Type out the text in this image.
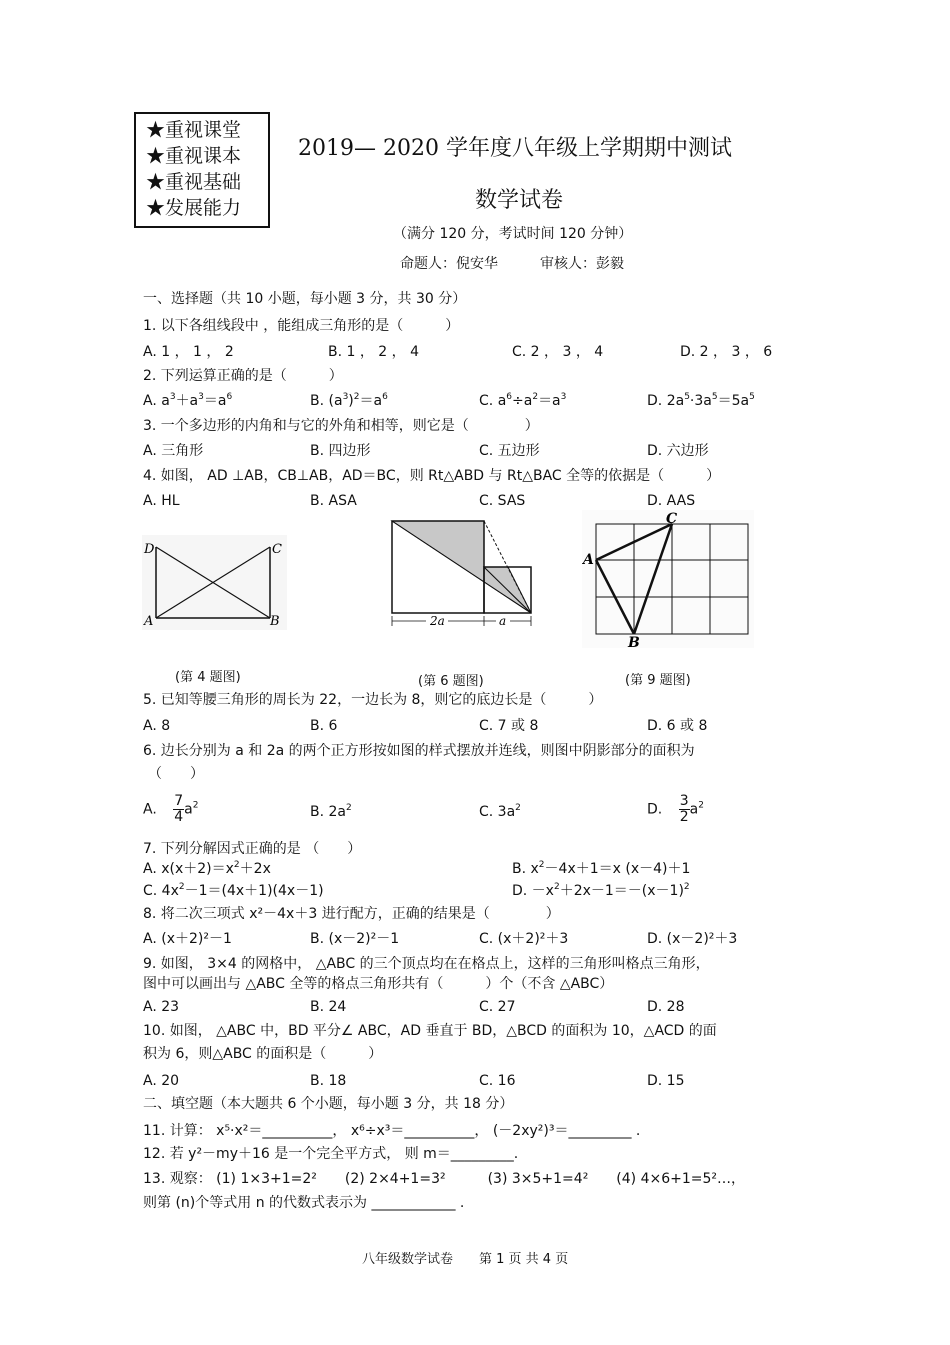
★重视课堂
★重视课本
★重视基础
★发展能力
2019— 2020 学年度八年级上学期期中测试
数学试卷
（满分 120 分，考试时间 120 分钟）
命题人：倪安华　　　审核人：彭毅
一、选择题（共 10 小题，每小题 3 分，共 30 分）
1. 以下各组线段中 ，能组成三角形的是（　　　）
A. 1 ， 1 ， 2	B. 1 ， 2 ， 4	C. 2 ， 3 ， 4	D. 2 ， 3 ， 6
2. 下列运算正确的是（　　　）
A. $a^3+a^3=a^6$	B. $(a^3)^2=a^6$	C. $a^6\div a^2=a^3$	D. $2a^5\cdot 3a^5=5a^5$
3. 一个多边形的内角和与它的外角和相等，则它是（　　　　）
A. 三角形	B. 四边形	C. 五边形	D. 六边形
4. 如图， AD ⊥AB，CB⊥AB，AD＝BC，则 Rt△ABD 与 Rt△BAC 全等的依据是（　　　）
A. HL	B. ASA	C. SAS	D. AAS
D	C
A	B	2a	a
A
B
C
(第 4 题图)	(第 6 题图)	(第 9 题图)
5. 已知等腰三角形的周长为 22，一边长为 8，则它的底边长是（　　　）
A. 8	B. 6	C. 7 或 8	D. 6 或 8
6. 边长分别为 a 和 2a 的两个正方形按如图的样式摆放并连线，则图中阴影部分的面积为
（　　）
A. $\frac{7}{4} a^2$	B. $2a^2$	C. $3a^2$	D. $\frac{3}{2} a^2$
7. 下列分解因式正确的是 （　　）
A. $x(x+2)=x^2+2x$	B. $x^2-4x+1=x$ (x－4)＋1
C. $4x^2-1=(4x+1)(4x-1)$	D. $-x^2+2x-1=-(x-1)^2$
8. 将二次三项式 x²－4x＋3 进行配方，正确的结果是（　　　　）
A. (x＋2)²－1	B. (x－2)²－1	C. (x＋2)²＋3	D. (x－2)²＋3
9. 如图， 3×4 的网格中， △ABC 的三个顶点均在在格点上，这样的三角形叫格点三角形，
图中可以画出与 △ABC 全等的格点三角形共有（　　　）个（不含 △ABC）
A. 23	B. 24	C. 27	D. 28
10. 如图， △ABC 中，BD 平分∠ ABC，AD 垂直于 BD，△BCD 的面积为 10，△ACD 的面
积为 6，则△ABC 的面积是（　　　）
A. 20	B. 18	C. 16	D. 15
二、填空题（本大题共 6 个小题，每小题 3 分，共 18 分）
11. 计算： x⁵·x²＝__________， x⁶÷x³＝__________， (－2xy²)³＝_________ .
12. 若 y²－my＋16 是一个完全平方式， 则 m＝_________.
13. 观察： (1) 1×3+1=2²　　(2) 2×4+1=3²　　　(3) 3×5+1=4²　　(4) 4×6+1=5²…，
则第 (n)个等式用 n 的代数式表示为 ____________ .
八年级数学试卷　　第 1 页 共 4 页
